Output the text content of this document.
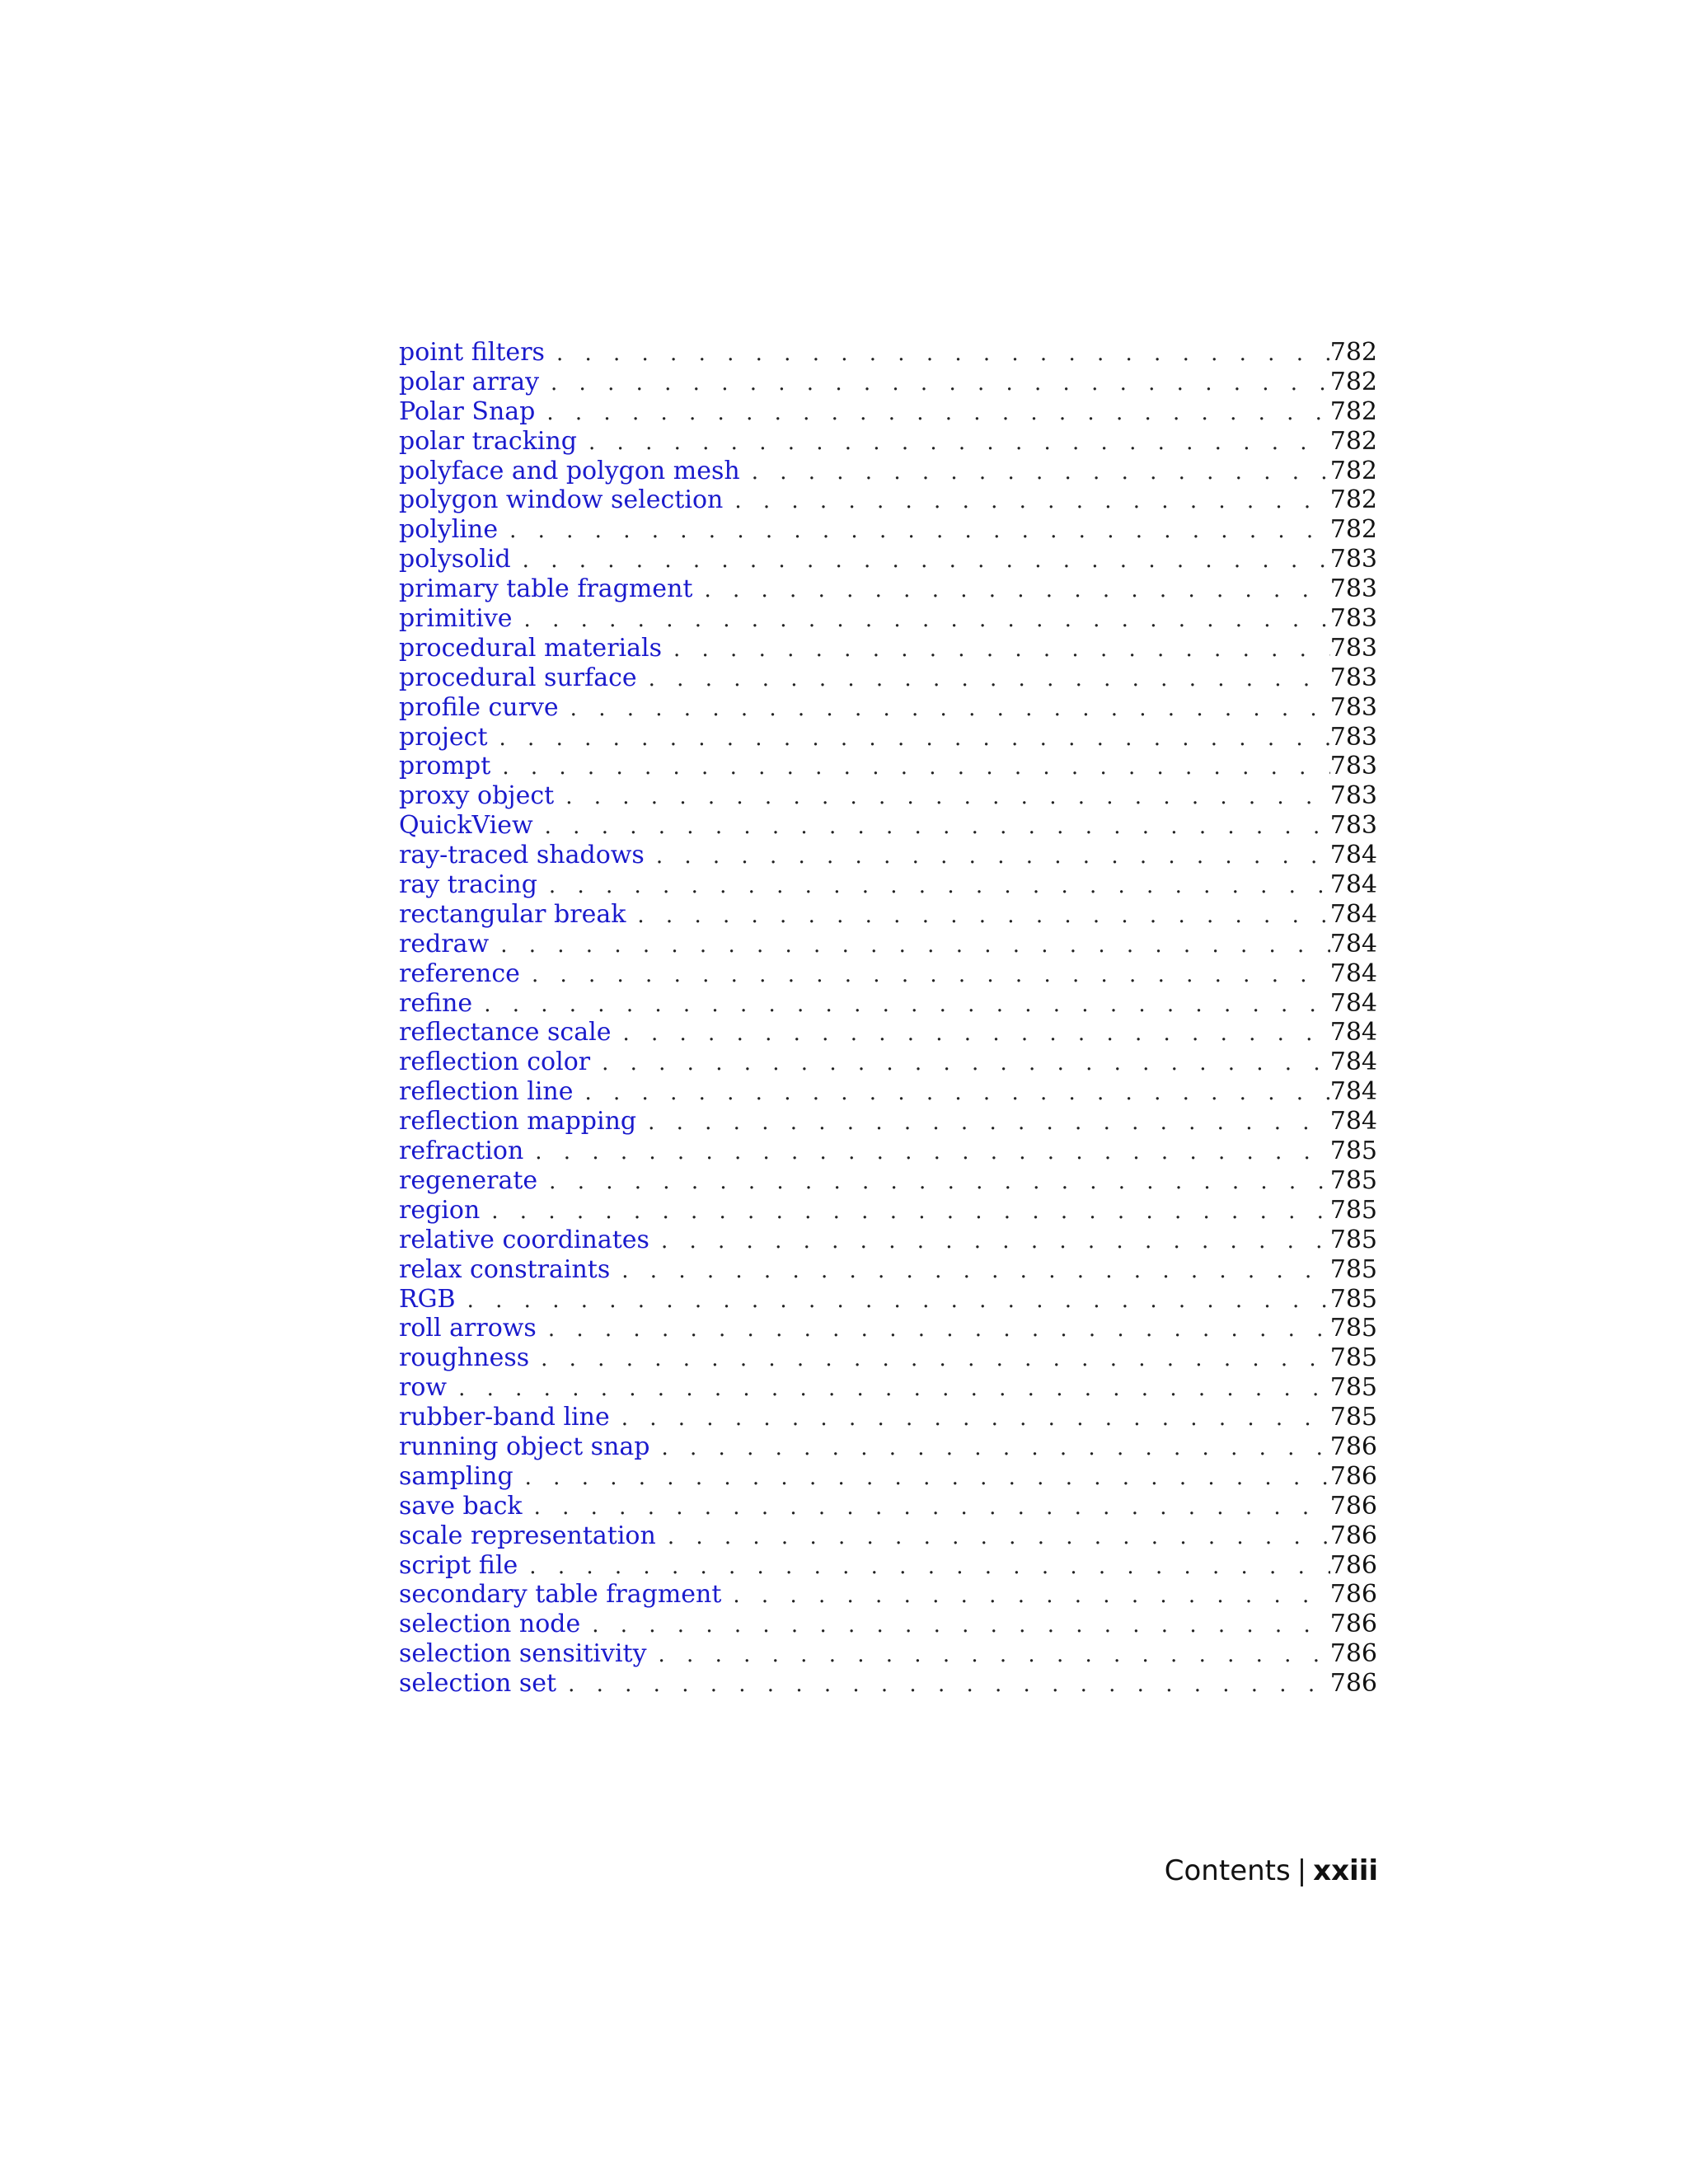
point filters . . .	782
polar array . . .	782
Polar Snap . . .	782
polar tracking . . .	782
polyface and polygon mesh . . .	782
polygon window selection . . .	782
polyline . . .	782
polysolid . . .	783
primary table fragment . . .	783
primitive . . .	783
procedural materials . . .	783
procedural surface . . .	783
profile curve . . .	783
project . . .	783
prompt . . .	783
proxy object . . .	783
QuickView . . .	783
ray-traced shadows . . .	784
ray tracing . . .	784
rectangular break . . .	784
redraw . . .	784
reference . . .	784
refine . . .	784
reflectance scale . . .	784
reflection color . . .	784
reflection line . . .	784
reflection mapping . . .	784
refraction . . .	785
regenerate . . .	785
region . . .	785
relative coordinates . . .	785
relax constraints . . .	785
RGB . . .	785
roll arrows . . .	785
roughness . . .	785
row . . .	785
rubber-band line . . .	785
running object snap . . .	786
sampling . . .	786
save back . . .	786
scale representation . . .	786
script file . . .	786
secondary table fragment . . .	786
selection node . . .	786
selection sensitivity . . .	786
selection set . . .	786
Contents | xxiii
